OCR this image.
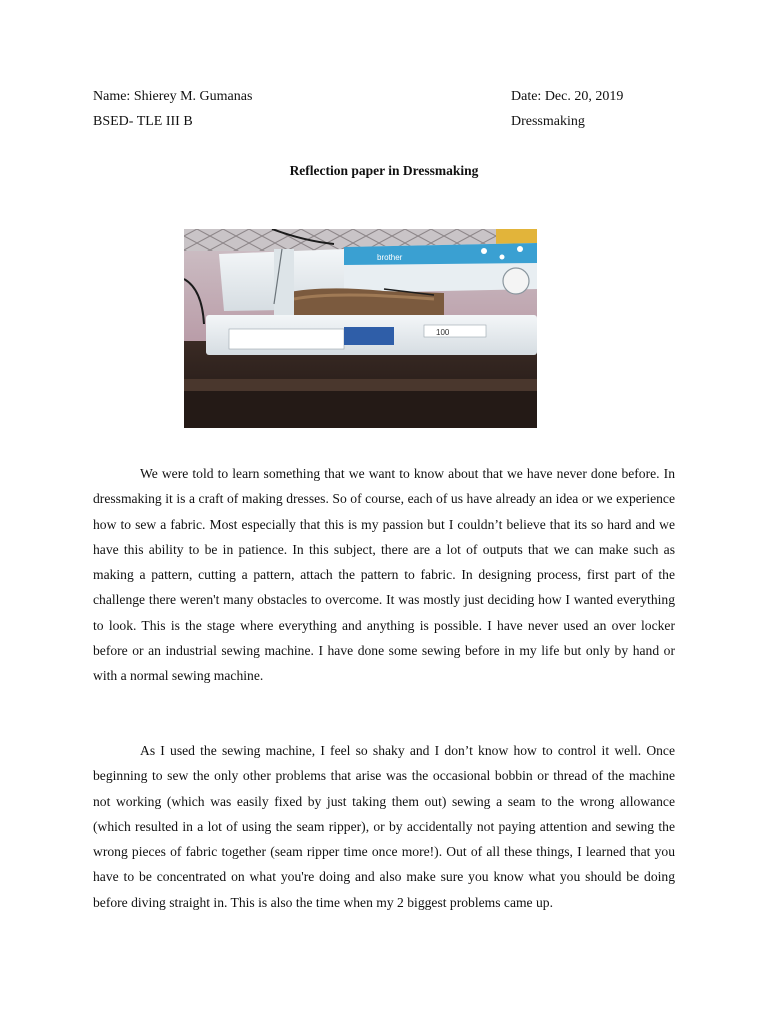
Name: Shierey M. Gumanas	Date: Dec. 20, 2019
BSED- TLE III B	Dressmaking
Reflection paper in Dressmaking
100
brother

We were told to learn something that we want to know about that we have never done before. In dressmaking it is a craft of making dresses. So of course, each of us have already an idea or we experience how to sew a fabric. Most especially that this is my passion but I couldn’t believe that its so hard and we have this ability to be in patience. In this subject, there are a lot of outputs that we can make such as making a pattern, cutting a pattern, attach the pattern to fabric. In designing process, first part of the challenge there weren't many obstacles to overcome. It was mostly just deciding how I wanted everything to look. This is the stage where everything and anything is possible. I have never used an over locker before or an industrial sewing machine. I have done some sewing before in my life but only by hand or with a normal sewing machine.

As I used the sewing machine, I feel so shaky and I don’t know how to control it well. Once beginning to sew the only other problems that arise was the occasional bobbin or thread of the machine not working (which was easily fixed by just taking them out) sewing a seam to the wrong allowance (which resulted in a lot of using the seam ripper), or by accidentally not paying attention and sewing the wrong pieces of fabric together (seam ripper time once more!). Out of all these things, I learned that you have to be concentrated on what you're doing and also make sure you know what you should be doing before diving straight in. This is also the time when my 2 biggest problems came up.
